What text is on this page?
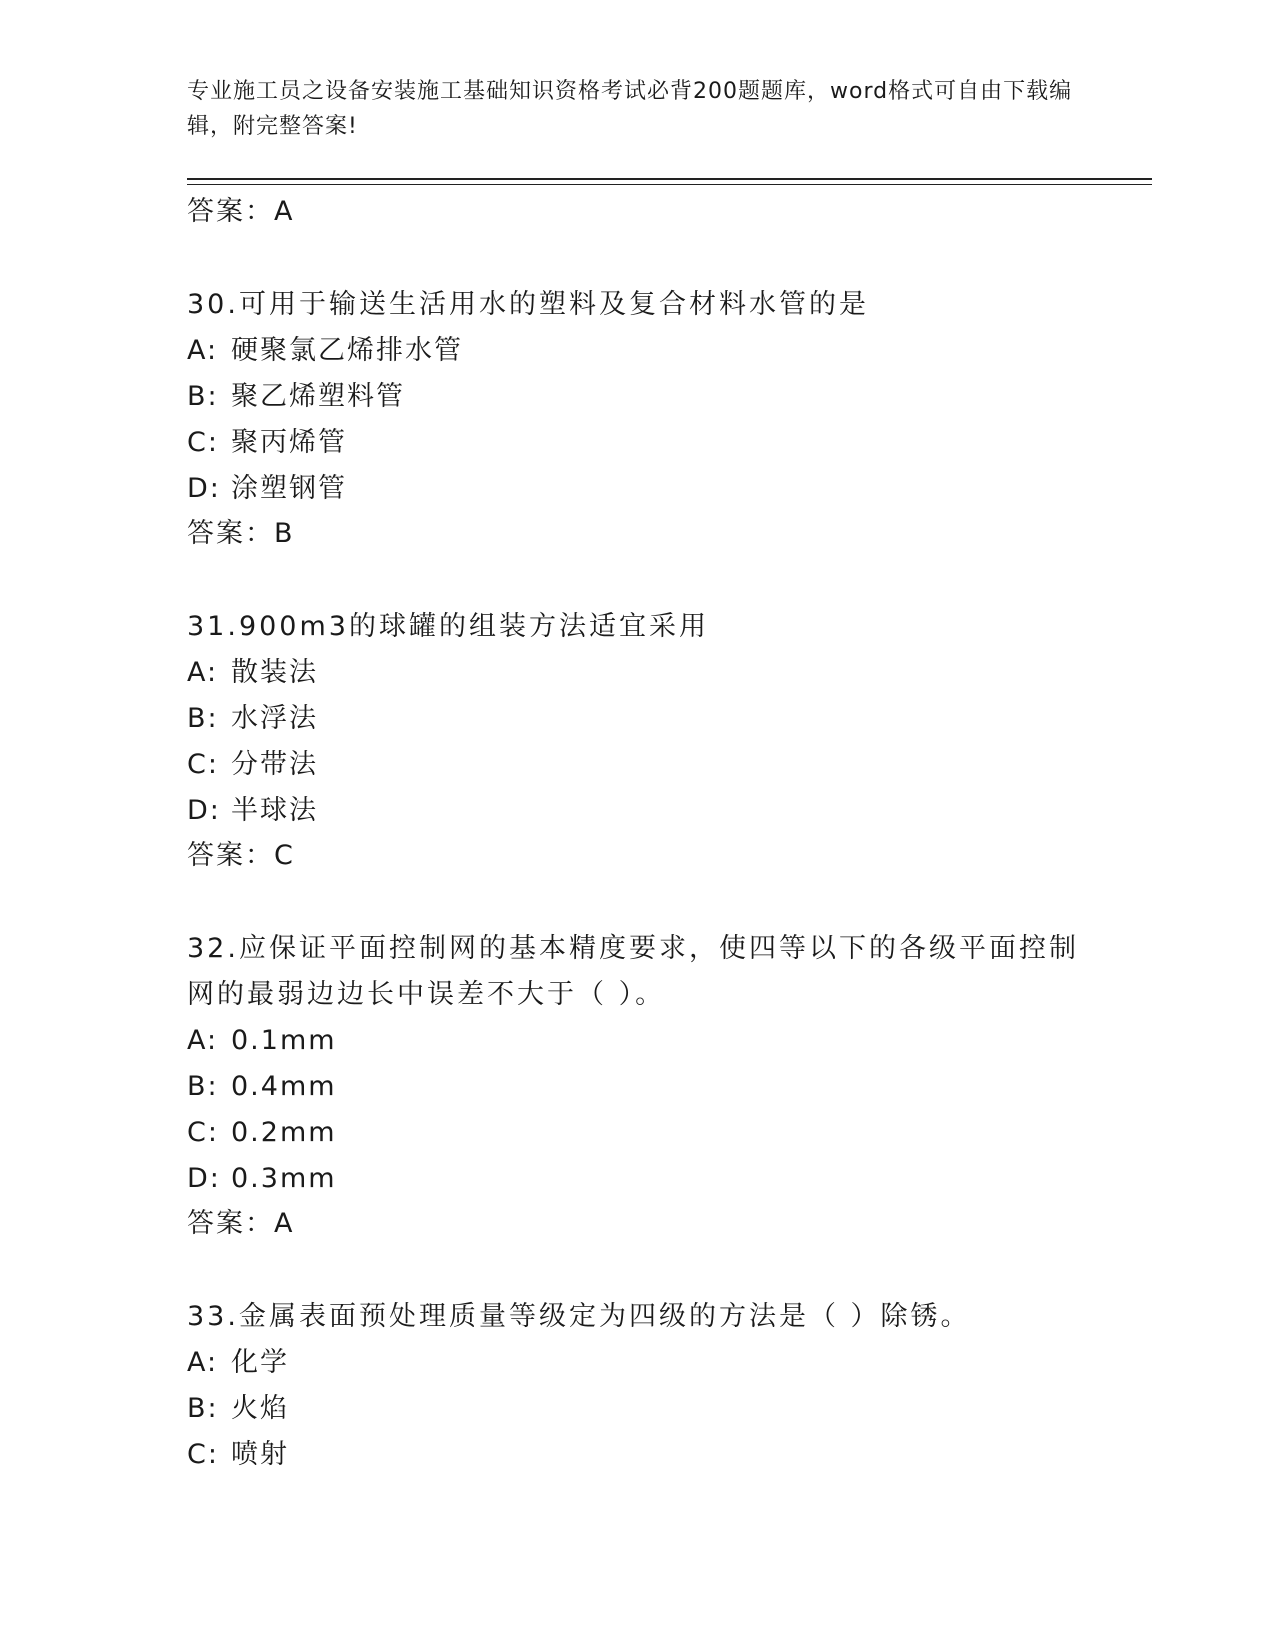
专业施工员之设备安装施工基础知识资格考试必背200题题库，word格式可自由下载编辑，附完整答案!

答案：A

30.可用于输送生活用水的塑料及复合材料水管的是

A: 硬聚氯乙烯排水管

B: 聚乙烯塑料管

C: 聚丙烯管

D: 涂塑钢管

答案：B

31.900m3的球罐的组装方法适宜采用

A: 散装法

B: 水浮法

C: 分带法

D: 半球法

答案：C

32.应保证平面控制网的基本精度要求，使四等以下的各级平面控制网的最弱边边长中误差不大于（ ）。

A: 0.1mm

B: 0.4mm

C: 0.2mm

D: 0.3mm

答案：A

33.金属表面预处理质量等级定为四级的方法是（ ）除锈。

A: 化学

B: 火焰

C: 喷射
